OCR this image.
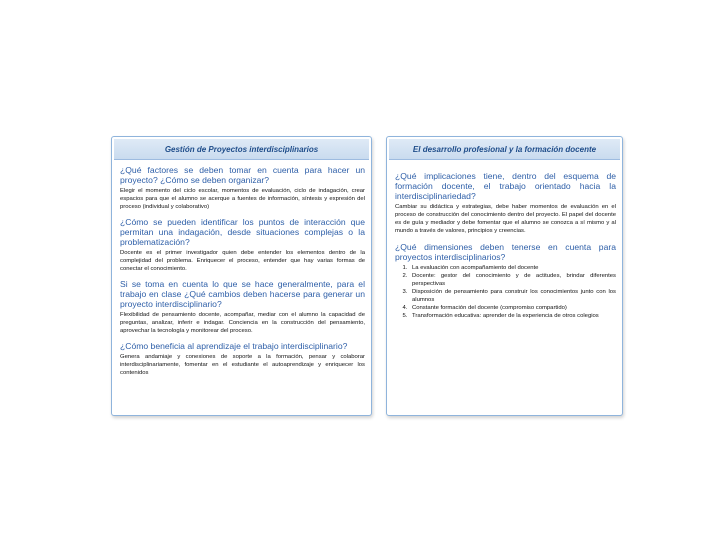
Gestión de Proyectos interdisciplinarios

¿Qué factores se deben tomar en cuenta para hacer un proyecto? ¿Cómo se deben organizar?

Elegir el momento del ciclo escolar, momentos de evaluación, ciclo de indagación, crear espacios para que el alumno se acerque a fuentes de información, síntesis y expresión del proceso (individual y colaborativo)

¿Cómo se pueden identificar los puntos de interacción que permitan una indagación, desde situaciones complejas o la problematización?

Docente es el primer investigador quien debe entender los elementos dentro de la complejidad del problema. Enriquecer el proceso, entender que hay varias formas de conectar el conocimiento.

Si se toma en cuenta lo que se hace generalmente, para el trabajo en clase ¿Qué cambios deben hacerse para generar un proyecto interdisciplinario?

Flexibilidad de pensamiento docente, acompañar, mediar con el alumno la capacidad de preguntas, analizar, inferir e indagar. Conciencia en la construcción del pensamiento, aprovechar la tecnología y monitorear del proceso.

¿Cómo beneficia al aprendizaje el trabajo interdisciplinario?

Genera andamiaje y conexiones de soporte a la formación, pensar y colaborar interdisciplinariamente, fomentar en el estudiante el autoaprendizaje y enriquecer los contenidos

El desarrollo profesional y la formación docente

¿Qué implicaciones tiene, dentro del esquema de formación docente, el trabajo orientado hacia la interdisciplinariedad?

Cambiar su didáctica y estrategias, debe haber momentos de evaluación en el proceso de construcción del conocimiento dentro del proyecto. El papel del docente es de guía y mediador y debe fomentar que el alumno se conozca a sí mismo y al mundo a través de valores, principios y creencias.

¿Qué dimensiones deben tenerse en cuenta para proyectos interdisciplinarios?

1. La evaluación con acompañamiento del docente
2. Docente: gestor del conocimiento y de actitudes, brindar diferentes perspectivas
3. Disposición de pensamiento para construir los conocimientos junto con los alumnos
4. Constante formación del docente (compromiso compartido)
5. Transformación educativa: aprender de la experiencia de otros colegios
